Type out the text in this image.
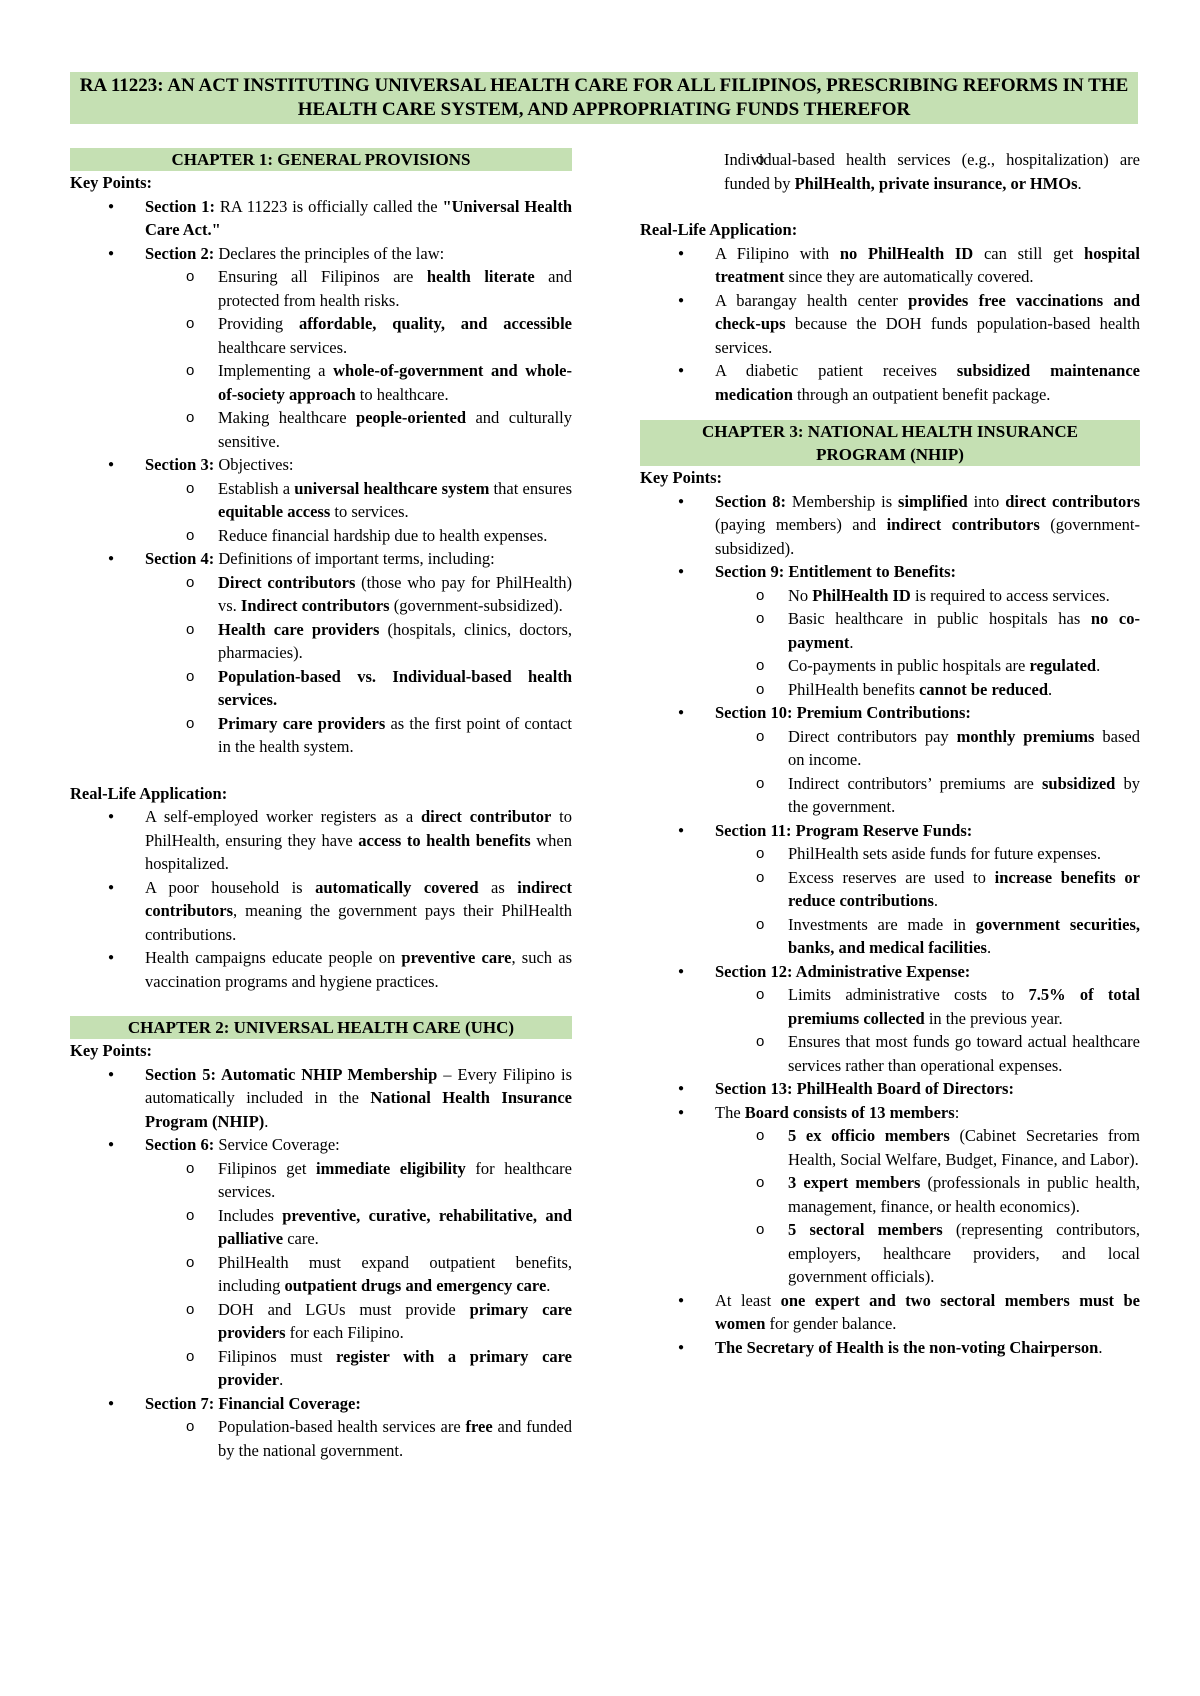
RA 11223: AN ACT INSTITUTING UNIVERSAL HEALTH CARE FOR ALL FILIPINOS, PRESCRIBING REFORMS IN THE HEALTH CARE SYSTEM, AND APPROPRIATING FUNDS THEREFOR
CHAPTER 1: GENERAL PROVISIONS

Key Points:

● Section 1: RA 11223 is officially called the "Universal Health Care Act."
● Section 2: Declares the principles of the law:
o Ensuring all Filipinos are health literate and protected from health risks.
o Providing affordable, quality, and accessible healthcare services.
o Implementing a whole-of-government and whole-of-society approach to healthcare.
o Making healthcare people-oriented and culturally sensitive.
● Section 3: Objectives:
o Establish a universal healthcare system that ensures equitable access to services.
o Reduce financial hardship due to health expenses.
● Section 4: Definitions of important terms, including:
o Direct contributors (those who pay for PhilHealth) vs. Indirect contributors (government-subsidized).
o Health care providers (hospitals, clinics, doctors, pharmacies).
o Population-based vs. Individual-based health services.
o Primary care providers as the first point of contact in the health system.

Real-Life Application:

● A self-employed worker registers as a direct contributor to PhilHealth, ensuring they have access to health benefits when hospitalized.
● A poor household is automatically covered as indirect contributors, meaning the government pays their PhilHealth contributions.
● Health campaigns educate people on preventive care, such as vaccination programs and hygiene practices.
CHAPTER 2: UNIVERSAL HEALTH CARE (UHC)

Key Points:

● Section 5: Automatic NHIP Membership – Every Filipino is automatically included in the National Health Insurance Program (NHIP).
● Section 6: Service Coverage:
o Filipinos get immediate eligibility for healthcare services.
o Includes preventive, curative, rehabilitative, and palliative care.
o PhilHealth must expand outpatient benefits, including outpatient drugs and emergency care.
o DOH and LGUs must provide primary care providers for each Filipino.
o Filipinos must register with a primary care provider.
● Section 7: Financial Coverage:
o Population-based health services are free and funded by the national government.
o Individual-based health services (e.g., hospitalization) are funded by PhilHealth, private insurance, or HMOs.

Real-Life Application:

● A Filipino with no PhilHealth ID can still get hospital treatment since they are automatically covered.
● A barangay health center provides free vaccinations and check-ups because the DOH funds population-based health services.
● A diabetic patient receives subsidized maintenance medication through an outpatient benefit package.
CHAPTER 3: NATIONAL HEALTH INSURANCE PROGRAM (NHIP)

Key Points:

● Section 8: Membership is simplified into direct contributors (paying members) and indirect contributors (government-subsidized).
● Section 9: Entitlement to Benefits:
o No PhilHealth ID is required to access services.
o Basic healthcare in public hospitals has no co-payment.
o Co-payments in public hospitals are regulated.
o PhilHealth benefits cannot be reduced.
● Section 10: Premium Contributions:
o Direct contributors pay monthly premiums based on income.
o Indirect contributors’ premiums are subsidized by the government.
● Section 11: Program Reserve Funds:
o PhilHealth sets aside funds for future expenses.
o Excess reserves are used to increase benefits or reduce contributions.
o Investments are made in government securities, banks, and medical facilities.
● Section 12: Administrative Expense:
o Limits administrative costs to 7.5% of total premiums collected in the previous year.
o Ensures that most funds go toward actual healthcare services rather than operational expenses.
● Section 13: PhilHealth Board of Directors:
● The Board consists of 13 members:
o 5 ex officio members (Cabinet Secretaries from Health, Social Welfare, Budget, Finance, and Labor).
o 3 expert members (professionals in public health, management, finance, or health economics).
o 5 sectoral members (representing contributors, employers, healthcare providers, and local government officials).
● At least one expert and two sectoral members must be women for gender balance.
● The Secretary of Health is the non-voting Chairperson.
